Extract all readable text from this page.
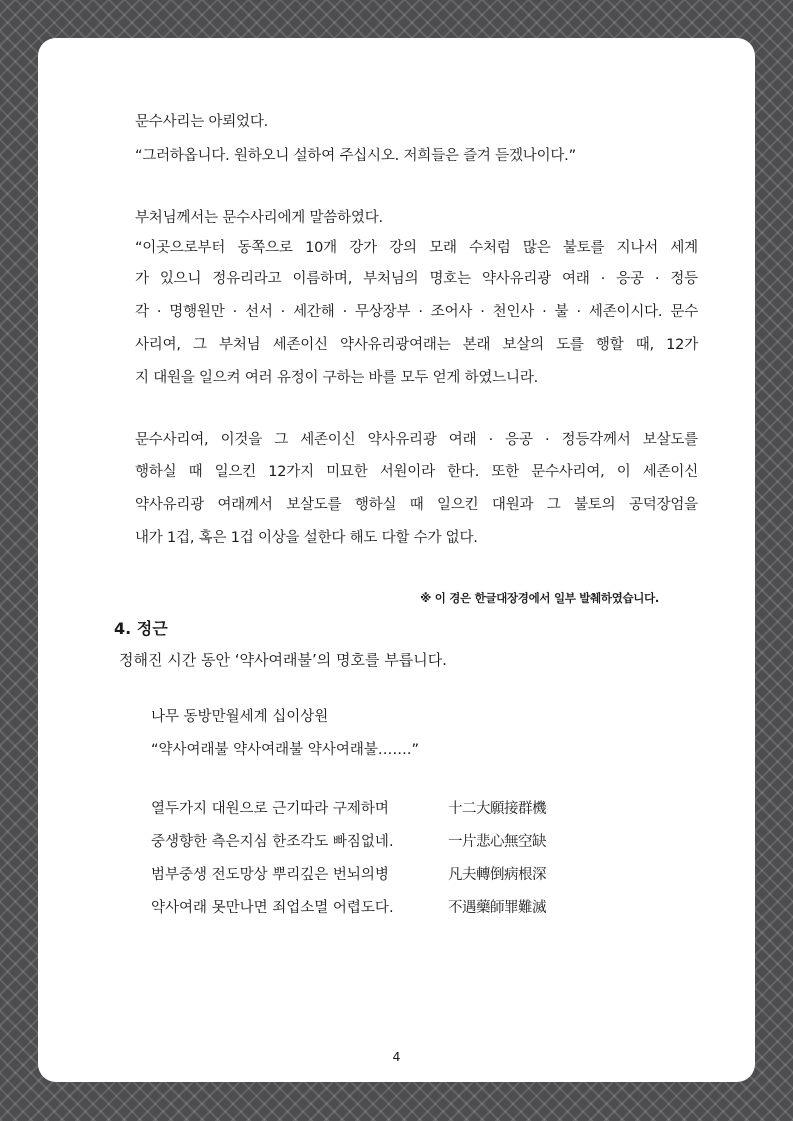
문수사리는 아뢰었다.
“그러하옵니다. 원하오니 설하여 주십시오. 저희들은 즐겨 듣겠나이다.”
부처님께서는 문수사리에게 말씀하였다.
“이곳으로부터 동쪽으로 10개 강가 강의 모래 수처럼 많은 불토를 지나서 세계
가 있으니 정유리라고 이름하며, 부처님의 명호는 약사유리광 여래 · 응공 · 정등
각 · 명행원만 · 선서 · 세간해 · 무상장부 · 조어사 · 천인사 · 불 · 세존이시다. 문수
사리여, 그 부처님 세존이신 약사유리광여래는 본래 보살의 도를 행할 때, 12가
지 대원을 일으켜 여러 유정이 구하는 바를 모두 얻게 하였느니라.
문수사리여, 이것을 그 세존이신 약사유리광 여래 · 응공 · 정등각께서 보살도를
행하실 때 일으킨 12가지 미묘한 서원이라 한다. 또한 문수사리여, 이 세존이신
약사유리광 여래께서 보살도를 행하실 때 일으킨 대원과 그 불토의 공덕장엄을
내가 1겁, 혹은 1겁 이상을 설한다 해도 다할 수가 없다.
※ 이 경은 한글대장경에서 일부 발췌하였습니다.
4. 정근
정해진 시간 동안 ‘약사여래불’의 명호를 부릅니다.
나무 동방만월세계 십이상원
“약사여래불 약사여래불 약사여래불…….”
열두가지 대원으로 근기따라 구제하며	十二大願接群機
중생향한 측은지심 한조각도 빠짐없네.	一片悲心無空缺
범부중생 전도망상 뿌리깊은 번뇌의병	凡夫轉倒病根深
약사여래 못만나면 죄업소멸 어렵도다.	不遇藥師罪難滅
4
